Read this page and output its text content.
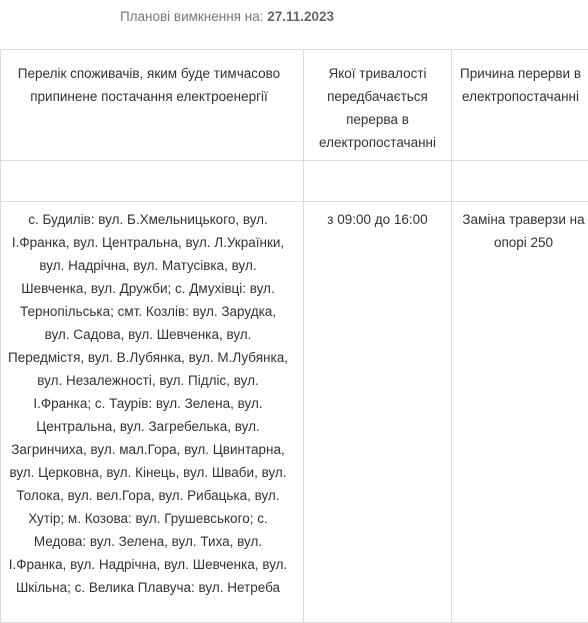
Планові вимкнення на: 27.11.2023
Перелік споживачів, яким буде тимчасово припинене постачання електроенергії	Якої тривалості передбачається перерва в електропостачанні	Причина перерви в електропостачанні

с. Будилів: вул. Б.Хмельницького, вул. І.Франка, вул. Центральна, вул. Л.Українки, вул. Надрічна, вул. Матусівка, вул. Шевченка, вул. Дружби; с. Дмухівці: вул. Тернопільська; смт. Козлів: вул. Зарудка, вул. Садова, вул. Шевченка, вул. Передмістя, вул. В.Лубянка, вул. М.Лубянка, вул. Незалежності, вул. Підліс, вул. І.Франка; с. Таурів: вул. Зелена, вул. Центральна, вул. Загребелька, вул. Загринчиха, вул. мал.Гора, вул. Цвинтарна, вул. Церковна, вул. Кінець, вул. Шваби, вул. Толока, вул. вел.Гора, вул. Рибацька, вул. Хутір; м. Козова: вул. Грушевського; с. Медова: вул. Зелена, вул. Тиха, вул. І.Франка, вул. Надрічна, вул. Шевченка, вул. Шкільна; с. Велика Плавуча: вул. Нетреба	з 09:00 до 16:00	Заміна траверзи на опорі 250
